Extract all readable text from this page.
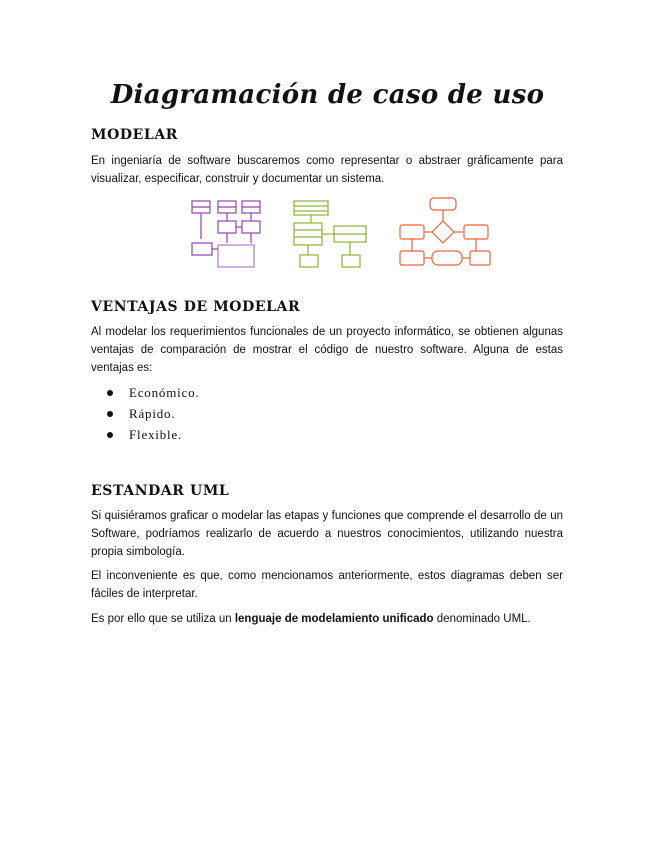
Diagramación de caso de uso
MODELAR

En ingeniaría de software buscaremos como representar o abstraer gráficamente para visualizar, especificar, construir y documentar un sistema.

VENTAJAS DE MODELAR

Al modelar los requerimientos funcionales de un proyecto informático, se obtienen algunas ventajas de comparación de mostrar el código de nuestro software. Alguna de estas ventajas es:

Económico.
Rápido.
Flexible.
ESTANDAR UML

Si quisiéramos graficar o modelar las etapas y funciones que comprende el desarrollo de un Software, podríamos realizarlo de acuerdo a nuestros conocimientos, utilizando nuestra propia simbología.

El inconveniente es que, como mencionamos anteriormente, estos diagramas deben ser fáciles de interpretar.

Es por ello que se utiliza un lenguaje de modelamiento unificado denominado UML.
